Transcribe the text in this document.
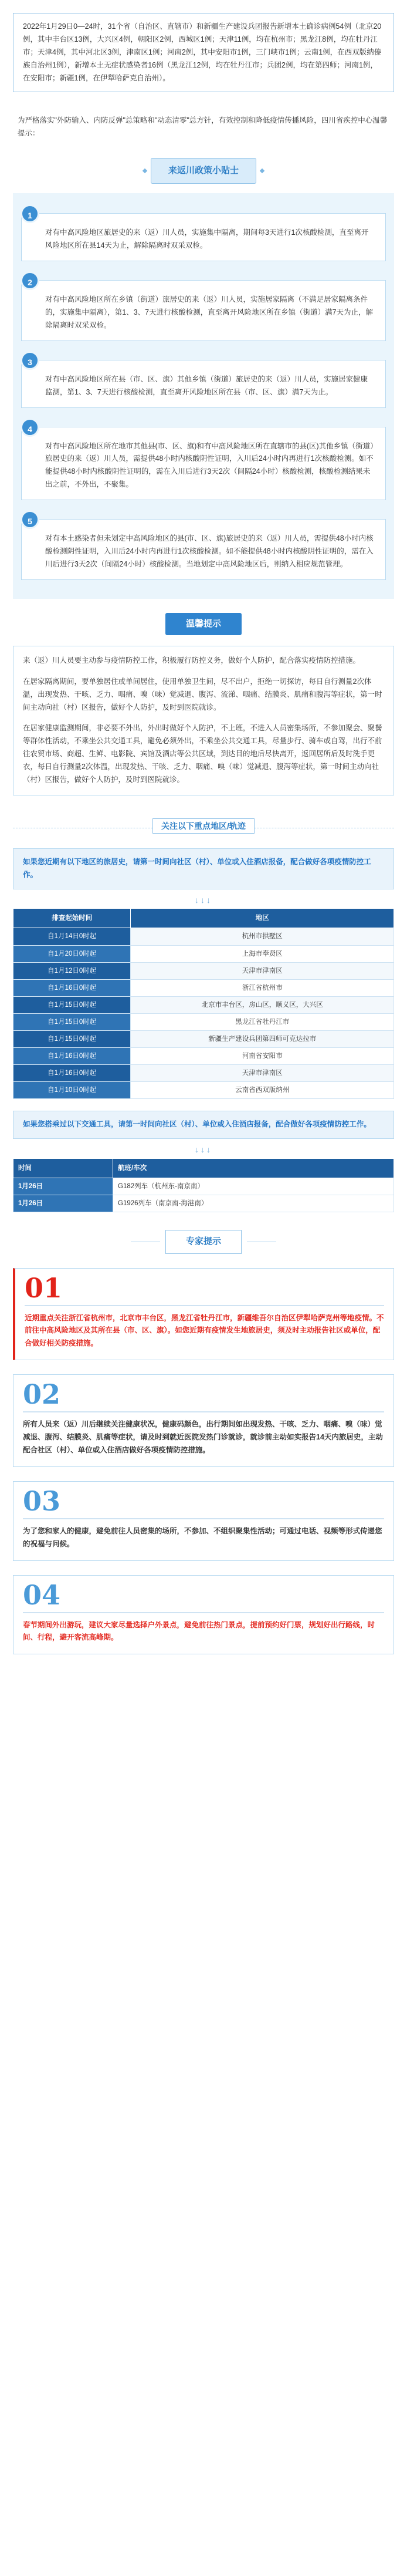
2022年1月29日0—24时，31个省（自治区、直辖市）和新疆生产建设兵团报告新增本土确诊病例54例（北京20例，其中丰台区13例，大兴区4例，朝阳区2例，西城区1例；天津11例，均在杭州市；黑龙江8例，均在牡丹江市；天津4例，其中河北区3例，津南区1例；河南2例，其中安阳市1例，三门峡市1例；云南1例，在西双版纳傣族自治州1例），新增本土无症状感染者16例（黑龙江12例，均在牡丹江市；兵团2例，均在第四师；河南1例，在安阳市；新疆1例，在伊犁哈萨克自治州）。

为严格落实"外防输入、内防反弹"总策略和"动态清零"总方针，有效控制和降低疫情传播风险，四川省疾控中心温馨提示：

来返川政策小贴士
1

对有中高风险地区旅居史的来（返）川人员，实施集中隔离，期间每3天进行1次核酸检测，直至离开风险地区所在县14天为止，解除隔离时双采双检。

2

对有中高风险地区所在乡镇（街道）旅居史的来（返）川人员，实施居家隔离（不满足居家隔离条件的，实施集中隔离），第1、3、7天进行核酸检测，直至离开风险地区所在乡镇（街道）满7天为止，解除隔离时双采双检。

3

对有中高风险地区所在县（市、区、旗）其他乡镇（街道）旅居史的来（返）川人员，实施居家健康监测，第1、3、7天进行核酸检测，直至离开风险地区所在县（市、区、旗）满7天为止。

4

对有中高风险地区所在地市其他县(市、区、旗)和有中高风险地区所在直辖市的县(区)其他乡镇（街道）旅居史的来（返）川人员，需提供48小时内核酸阴性证明，入川后24小时内再进行1次核酸检测。如不能提供48小时内核酸阴性证明的，需在入川后进行3天2次（间隔24小时）核酸检测，核酸检测结果未出之前，不外出，不聚集。

5

对有本土感染者但未划定中高风险地区的县(市、区、旗)旅居史的来（返）川人员，需提供48小时内核酸检测阴性证明，入川后24小时内再进行1次核酸检测。如不能提供48小时内核酸阴性证明的，需在入川后进行3天2次（间隔24小时）核酸检测。当地划定中高风险地区后，则纳入相应规范管理。

温馨提示

来（返）川人员要主动参与疫情防控工作，积极履行防控义务，做好个人防护，配合落实疫情防控措施。

在居家隔离期间，要单独居住或单间居住，使用单独卫生间，尽不出户，拒绝一切探访，每日自行测量2次体温，出现发热、干咳、乏力、咽痛、嗅（味）觉减退、腹泻、流涕、咽痛、结膜炎、肌痛和腹泻等症状，第一时间主动向社（村）区报告，做好个人防护，及时到医院就诊。

在居家健康监测期间，非必要不外出，外出时做好个人防护，不上班，不进入人员密集场所，不参加聚会、聚餐等群体性活动，不乘坐公共交通工具，避免必须外出，不乘坐公共交通工具，尽量步行、骑车或自驾，出行不前往农贸市场、商超、生鲜、电影院、宾馆及酒店等公共区域，到达目的地后尽快离开，返回居所后及时洗手更衣，每日自行测量2次体温，出现发热、干咳、乏力、咽痛、嗅（味）觉减退、腹泻等症状，第一时间主动向社（村）区报告，做好个人防护，及时到医院就诊。

关注以下重点地区/轨迹

如果您近期有以下地区的旅居史，请第一时间向社区（村）、单位或入住酒店报备，配合做好各项疫情防控工作。

↓↓↓
排查起始时间	地区
自1月14日0时起	杭州市拱墅区
自1月20日0时起	上海市奉贤区
自1月12日0时起	天津市津南区
自1月16日0时起	浙江省杭州市
自1月15日0时起	北京市丰台区，房山区，顺义区，大兴区
自1月15日0时起	黑龙江省牡丹江市
自1月15日0时起	新疆生产建设兵团第四师可克达拉市
自1月16日0时起	河南省安阳市
自1月16日0时起	天津市津南区
自1月10日0时起	云南省西双版纳州

如果您搭乘过以下交通工具，请第一时间向社区（村）、单位或入住酒店报备，配合做好各项疫情防控工作。

↓↓↓
时间	航班/车次
1月26日	G182列车（杭州东-南京南）
1月26日	G1926列车（南京南-海港南）
专家提示
01

近期重点关注浙江省杭州市，北京市丰台区，黑龙江省牡丹江市，新疆维吾尔自治区伊犁哈萨克州等地疫情。不前往中高风险地区及其所在县（市、区、旗）。如您近期有疫情发生地旅居史，须及时主动报告社区或单位，配合做好相关防疫措施。

02

所有人员来（返）川后继续关注健康状况，健康码颜色，出行期间如出现发热、干咳、乏力、咽痛、嗅（味）觉减退、腹泻、结膜炎、肌痛等症状，请及时到就近医院发热门诊就诊，就诊前主动如实报告14天内旅居史，主动配合社区（村）、单位或入住酒店做好各项疫情防控措施。

03

为了您和家人的健康，避免前往人员密集的场所，不参加、不组织聚集性活动；可通过电话、视频等形式传递您的祝福与问候。

04

春节期间外出游玩，建议大家尽量选择户外景点，避免前往热门景点，提前预约好门票，规划好出行路线，时间、行程，避开客流高峰期。
